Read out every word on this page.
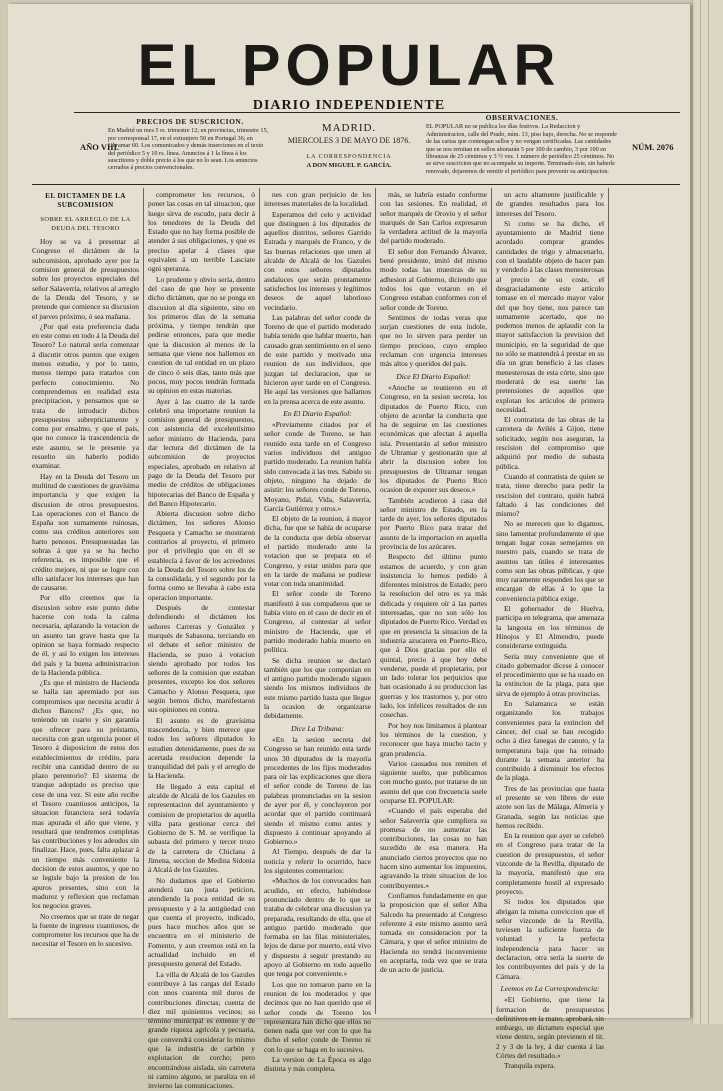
EL POPULAR
DIARIO INDEPENDIENTE
AÑO VIII.
PRECIOS DE SUSCRICION.
En Madrid un mes 5 rs. trimestre 12; en provincias, trimestre 15, por corresponsal 17, en el extranjero 50 en Portugal 36; en Ultramar 60. Los comunicados y demás inserciones en el texto del periódico 5 y 10 rs. línea. Anuncios á 1 la línea á los suscritores y doble precio á los que no lo sean. Los anuncios cerrados á precios convencionales.
MADRID.
MIERCOLES 3 DE MAYO DE 1876.
LA CORRESPONDENCIA
A DON MIGUEL P. GARCÍA.
OBSERVACIONES.
EL POPULAR no se publica los días festivos. La Redaccion y Administracion, calle del Prado, núm. 13, piso bajo, derecha. No se responde de las cartas que contengan sellos y no vengan certificadas. Las cantidades que se nos remitan en sellos abonarán 5 por 100 de cambio, 3 por 100 en libranzas de 25 céntimos y 3 ½ vez. 1 número de periódico 25 céntimos. No se sirve suscricion que no acompañe su importe. Terminado éste, sin haberle renovado, dejaremos de remitir el periódico para prevenir su anticipacion.
NÚM. 2076

EL DICTAMEN DE LA SUBCOMISION

SOBRE EL ARREGLO DE LA DEUDA DEL TESORO

Hoy se va á presentar al Congreso el dictámen de la subcomision, aprobado ayer por la comision general de presupuestos sobre los proyectos especiales del señor Salaverría, relativos al arreglo de la Deuda del Tesoro, y se pretende que comience su discusion el jueves próximo, ó sea mañana.

¿Por qué esta preferencia dada en este como en todo á la Deuda del Tesoro? Lo natural sería comenzar á discutir otros puntos que exigen menos estudio, y por lo tanto, menos tiempo para tratarlos con perfecto conocimiento. No comprendemos en realidad esta precipitacion, y pensamos que se trata de introducir dichos presupuestos subrepticiamente y como por ensalmo, y que el país, que no conoce la trascendencia de este asunto, se le presente ya resuelto sin haberlo podido examinar.

Hay en la Deuda del Tesoro un multitud de cuestiones de gravísima importancia y que exigen la discusion de otros presupuestos. Las operaciones con el Banco de España son sumamente ruinosas, como sus créditos anteriores son harto penosos. Presupuestadas las sobras á que ya se ha hecho referencia, es imposible que el crédito mejore, ni que se logre con ello satisfacer los intereses que han de causarse.

Por ello creemos que la discusion sobre este punto debe hacerse con toda la calma necesaria, aplazando la votacion de un asunto tan grave hasta que la opinion se haya formado respecto de él, y así lo exigen los intereses del país y la buena administracion de la Hacienda pública.

¿Es que el ministro de Hacienda se halla tan apremiado por sus compromisos que necesita acudir á dichos Bancos? ¿Es que, no teniendo un cuarto y sin garantía que ofrecer para su préstamo, necesita con gran urgencia poner el Tesoro á disposicion de estos dos establecimientos de crédito, para recibir una cantidad dentro de su plazo perentorio? El sistema de tranque adoptado es preciso que cese de una vez. Si este año recibe el Tesoro cuantiosos anticipos, la situacion financiera será todavía mas apurada el año que viene, y resultará que tendremos completas las contribuciones y los adeudos sin finalizar. Hace, pues, falta aplazar á un tiempo más conveniente la decision de estos asuntos, y que no se legisle bajo la presion de los apuros presentes, sino con la madurez y reflexion que reclaman los negocios graves.

No creemos que se trate de negar la fuente de ingresos cuantiosos, de comprometer los recursos que ha de necesitar el Tesoro en lo sucesivo.

comprometer los recursos, ó poner las cosas en tal situacion, que luego sirva de escudo, para decir á los tenedores de la Deuda del Estado que no hay forma posible de atender á sus obligaciones, y que es preciso apelar á clases que equivalen á un terrible Lasciate ogni speranza.

Lo prudente y obvio sería, dentro del caso de que hoy se presente dicho dictámen, que no se ponga en discusion al día siguiente, sino en los primeros días de la semana próxima, y tiempo tendrán que pedirse entonces, para que medie que la discusion al menos de la semana que viene nos hallemos en cuestion de tal entidad en un plazo de cinco ó seis días, tanto más que pocos, muy pocos tendrán formada su opinion en estas materias.

Ayer á las cuatro de la tarde celebró una importante reunion la comision general de presupuestos, con asistencia del excelentísimo señor ministro de Hacienda, para dar lectura del dictámen de la subcomision de proyectos especiales, aprobado en relativo al pago de la Deuda del Tesoro por medio de créditos de obligaciones hipotecarias del Banco de España y del Banco Hipotecario.

Abierta discusion sobre dicho dictámen, los señores Alonso Pesquera y Camacho se mostraron contrarios al proyecto, el primero por el privilegio que en él se establecía á favor de los acreedores de la Deuda del Tesoro sobre los de la consolidada, y el segundo por la forma como se llevaba á cabo esta operacion importante.

Después de contestar defendiendo el dictámen los señores Carreras y González y marqués de Sabasona, terciando en el debate el señor ministro de Hacienda, se puso á votacion siendo aprobado por todos los señores de la comision que estaban presentes, excepto los dos señores Camacho y Alonso Pesquera, que según hemos dicho, manifestaron sus opiniones en contra.

El asunto es de gravísima trascendencia, y bien merece que todos los señores diputados lo estudien detenidamente, pues de su acertada resolucion depende la tranquilidad del país y el arreglo de la Hacienda.

He llegado á esta capital el alcalde de Alcalá de los Gazules en representacion del ayuntamiento y comision de propietarios de aquella villa para gestionar cerca del Gobierno de S. M. se verifique la subasta del primero y tercer trozo de la carretera de Chiclana á Jimena, seccion de Medina Sidonia á Alcalá de los Gazules.

No dudamos que el Gobierno atenderá tan justa peticion, atendiendo la poca entidad de su presupuesto y á la antigüedad con que cuenta el proyecto, indicado, pues hace muchos años que se encuentra en el ministerio de Fomento, y aun creemos está en la actualidad incluido en el presupuesto general del Estado.

La villa de Alcalá de los Gazules contribuye á las cargas del Estado con unos cuarenta mil duros de contribuciones directas; cuenta de diez mil quinientos vecinos; su término municipal es extenso y de grande riqueza agrícola y pecuaria, que convendrá considerar lo mismo que la industria de carbón y explotacion de corcho; pero encontrándose aislada, sin carretera ni camino alguno, se paraliza en el invierno las comunicaciones.

nes con gran perjuicio de los intereses materiales de la localidad.

Esperamos del celo y actividad que distinguen á los diputados de aquellos distritos, señores Garrido Estrada y marqués de Franco, y de las buenas relaciones que unen al alcalde de Alcalá de los Gazules con estos señores diputados andaluces que serán prontamente satisfechos los intereses y legítimos deseos de aquel laborioso vecindario.

Las palabras del señor conde de Toreno de que el partido moderado había tenido que hablar muerto, han causado gran sentimiento en el seno de este partido y motivado una reunion de sus individuos, que juzgan tal declaracion, que se hicieron ayer tarde en el Congreso. He aquí las versiones que hallamos en la prensa acerca de este asunto.

En El Diario Español:

«Previamente citados por el señor conde de Toreno, se han reunido esta tarde en el Congreso varios individuos del antiguo partido moderado. La reunion había sido convocada á las tres. Sabido su objeto, ninguno ha dejado de asistir: los señores conde de Toreno, Moyano, Pidal, Vida, Salaverría, García Gutiérrez y otros.»

El objeto de la reunion, á mayor dicha, fue que se había de ocuparse de la conducta que debía observar el partido moderado ante la votacion que se prepara en el Congreso, y estar unidos para que en la tarde de mañana se pudiese votar con toda unanimidad.

El señor conde de Toreno manifestó á sus compañeros que se había visto en el caso de decir en el Congreso, al contestar al señor ministro de Hacienda, que el partido moderado había muerto en política.

Se dicha reunion se declaró también que los que componían en el antiguo partido moderado siguen siendo los mismos individuos de este mismo partido hasta que llegue la ocasion de organizarse debidamente.

Dice La Tribuna:

«En la sesion secreta del Congreso se han reunido esta tarde unos 30 diputados de la mayoría procedentes de los fijos moderados para oír las explicaciones que diera el señor conde de Toreno de las palabras pronunciadas en la sesion de ayer por él, y concluyeron por acordar que el partido continuará siendo el mismo como antes y dispuesto á continuar apoyando al Gobierno.»

Al Tiempo, después de dar la noticia y referir lo ocurrido, hace los siguientes comentarios:

«Muchos de los convocados han acudido, en efecto, habiéndose pronunciado dentro de lo que se trataba de celebrar una discusion ya preparada, resultando de ella, que el antiguo partido moderado que formaba en las filas ministeriales, lejos de darse por muerto, está vivo y dispuesto á seguir prestando su apoyo al Gobierno en todo aquello que tenga por conveniente.»

Los que no tomaron parte en la reunion de los moderados y que decimos que no han querido que el señor conde de Toreno los representara han dicho que ellos no tienen nada que ver con lo que ha dicho el señor conde de Toreno ni con lo que se haga en lo sucesivo.

La version de La Época es algo distinta y más completa.

más, se habría estado conforme con las sesiones. En realidad, el señor marqués de Orovio y el señor marqués de San Carlos expresaron la verdadera actitud de la mayoría del partido moderado.

El señor don Fernando Álvarez, bené presidente, imitó del mismo modo todas las muestras de su adhesion al Gobierno, diciendo que todos los que votaron en el Congreso estaban conformes con el señor conde de Toreno.

Sentimos de todas veras que surjan cuestiones de esta índole, que no lo sirven para perder un tiempo precioso, cuyo empleo reclaman con urgencia intereses más altos y queridos del país.

Dice El Diario Español:

«Anoche se reunieron en el Congreso, en la sesion secreta, los diputados de Puerto Rico, con objeto de acordar la conducta que ha de seguirse en las cuestiones económicas que afectan á aquella isla. Presentarán al señor ministro de Ultramar y gestionarán que al abrir la discusion sobre los presupuestos de Ultramar tengan los diputados de Puerto Rico ocasion de exponer sus deseos.»

También acudieron á casa del señor ministro de Estado, en la tarde de ayer, los señores diputados por Puerto Rico para tratar del asunto de la importacion en aquella provincia de los azúcares.

Respecto del último punto estamos de acuerdo, y con gran insistencia lo hemos pedido á diferentes ministros de Estado; pero la resolucion del otro es ya más delicada y requiere oír á las partes interesadas, que no son sólo los diputados de Puerto Rico. Verdad es que en presencia la situacion de la industria azucarera en Puerto-Rico, que á Dios gracias por ello el quintal, precio á que hoy debe venderse, puede el propietario, por un lado tolerar los perjuicios que han ocasionado á su produccion las guerras y los trastornos y, por otro lado, los infelices resultados de sus cosechas.

Por hoy nos limitamos á plantear los términos de la cuestion, y reconocer que haya mucho tacto y gran prudencia.

Varios causados nos remiten el siguiente suelto, que publicamos con mucho gusto, por tratarse de un asunto del que con frecuencia suele ocuparse EL POPULAR:

«Cuando el país esperaba del señor Salaverría que cumpliera su promesa de no aumentar las contribuciones, las cosas no han sucedido de esa manera. Ha anunciado ciertos proyectos que no hacen sino aumentar los impuestos, agravando la triste situacion de los contribuyentes.»

Confiamos fundadamente en que la proposicion que el señor Alba Salcedo ha presentado al Congreso referente á este mismo asunto será tomada en consideracion por la Cámara, y que el señor ministro de Hacienda no tendrá inconveniente en aceptarla, toda vez que se trata de un acto de justicia.

un acto altamente justificable y de grandes resultados para los intereses del Tesoro.

Si como se ha dicho, el ayuntamiento de Madrid tiene acordado comprar grandes cantidades de trigo y almacenarlo, con el laudable objeto de hacer pan y venderlo á las clases menesterosas al precio de su coste, el desgraciadamente este artículo tomase en el mercado mayor valor del que hoy tiene, nos parece tan sumamente acertado, que no podemos menos de aplaudir con la mayor satisfaccion la prevision del municipio, en la seguridad de que no sólo se mantendrá á prestar en su día un gran beneficio á las clases menesterosas de esta córte, sino que moderará de esa suerte las pretensiones de aquellos que explotan los artículos de primera necesidad.

El contratista de las obras de la carretera de Avilés á Gijon, tiene solicitado, según nos aseguran, la rescision del compromiso que adquirió por medio de subasta pública.

Cuando el contratista de quien se trata, tiene derecho para pedir la rescision del contrato, quién habrá faltado á las condiciones del mismo?

No se merecen que lo digamos, sino lamentar profundamente el que tengan lugar cosas semejantes en nuestro país, cuando se trata de asuntos tan útiles é interesantes como son las obras públicas, y que muy raramente responden los que se encargan de ellas á lo que la conveniencia pública exige.

El gobernador de Huelva, participa en telegrama, que amenaza la langosta en los términos de Hinojos y El Almendro, puede considerarse extinguida.

Sería muy conveniente que el citado gobernador dicese á conocer el procedimiento que se ha usado en la extincion de la plaga, para que sirva de ejemplo á otras provincias.

En Salamanca se están organizando los trabajos convenientes para la extincion del cáncer, del cual se han recogido ocho á diez fanegas de canuto, y la temperatura baja que ha reinado durante la semana anterior ha contribuido á disminuir los efectos de la plaga.

Tres de las provincias que hasta el presente se ven libres de este azote son las de Málaga, Almería y Granada, según las noticias que hemos recibido.

En la reunion que ayer se celebró en el Congreso para tratar de la cuestion de presupuestos, el señor vizconde de la Revilla, diputado de la mayoría, manifestó que era completamente hostil al expresado proyecto.

Si todos los diputados que abrigan la misma conviccion que el señor vizconde de la Revilla, tuviesen la suficiente fuerza de voluntad y la perfecta independencia para hacer su declaracion, otra sería la suerte de los contribuyentes del país y de la Cámara.

Leemos en La Correspondencia:

«El Gobierno, que tiene la formacion de presupuestos definitivos en la mano, aprobará, sin embargo, un dictamen especial que viene dentro, según previenen el tit. 2 y 3 de la ley, á dar cuenta á las Córtes del resultado.»

Tranquila espera.
